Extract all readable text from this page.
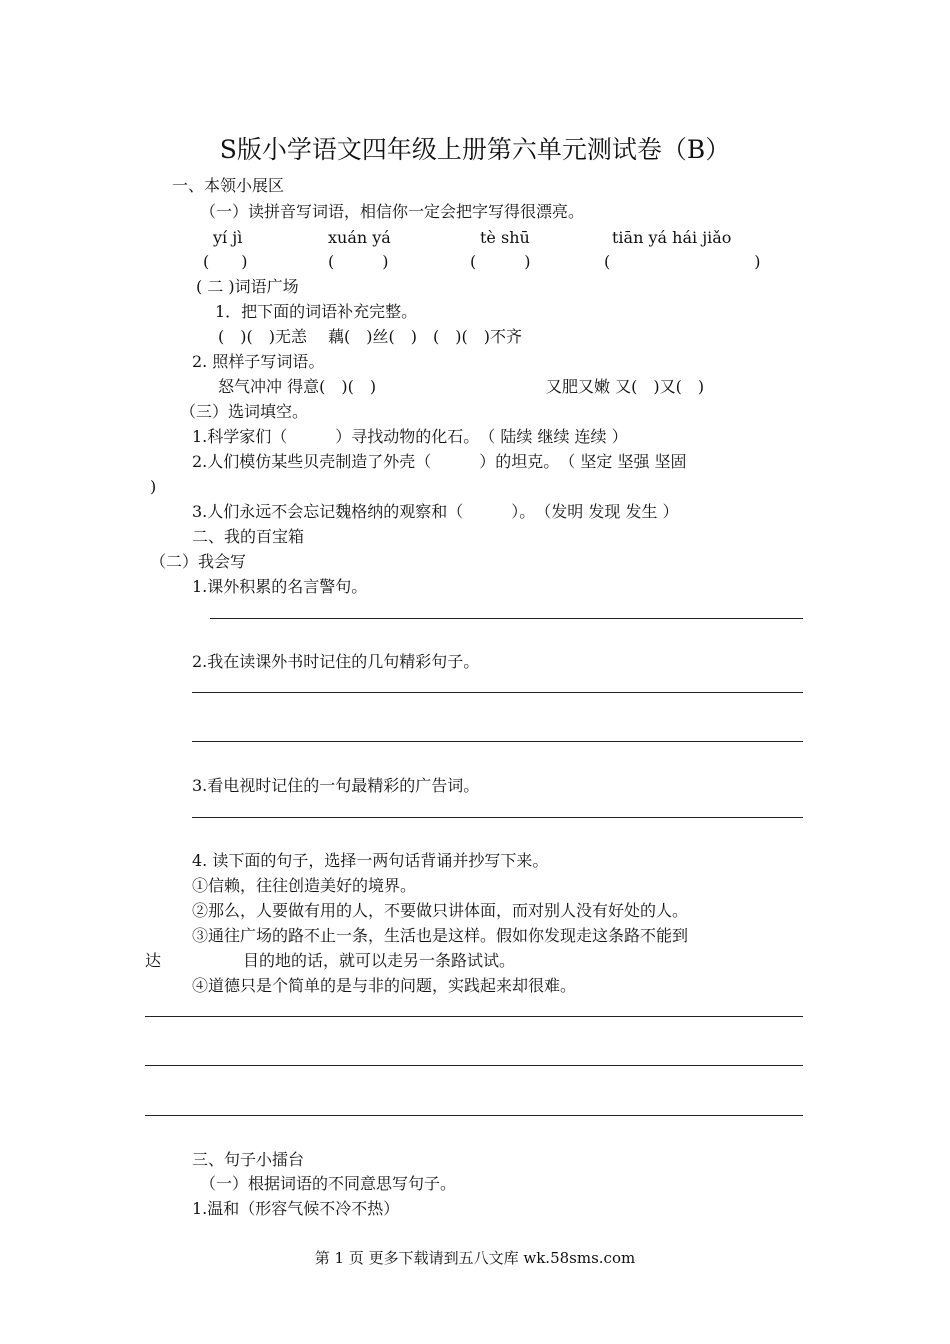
S版小学语文四年级上册第六单元测试卷（B）
一、本领小展区
（一）读拼音写词语，相信你一定会把字写得很漂亮。
yí jì	xuán yá	tè shū	tiān yá hái jiǎo
(　　)	(　　　)	(　　　)	(　　　　　　　　　)
( 二 )词语广场
1．把下面的词语补充完整。
(　)(　)无恙　 藕(　)丝(　)　(　)(　)不齐
2. 照样子写词语。
怒气冲冲 得意(　)(　)	又肥又嫩 又(　)又(　)
（三）选词填空。
1.科学家们（　　　）寻找动物的化石。　（ 陆续 继续 连续 ）
2.人们模仿某些贝壳制造了外壳（　　　）的坦克。　（ 坚定 坚强 坚固
)
3.人们永远不会忘记魏格纳的观察和（　　　）。　（发明 发现 发生 ）
二、我的百宝箱
（二）我会写
1.课外积累的名言警句。
2.我在读课外书时记住的几句精彩句子。
3.看电视时记住的一句最精彩的广告词。
4. 读下面的句子，选择一两句话背诵并抄写下来。
①信赖，往往创造美好的境界。
②那么，人要做有用的人，不要做只讲体面，而对别人没有好处的人。
③通往广场的路不止一条，生活也是这样。假如你发现走这条路不能到
达	目的地的话，就可以走另一条路试试。
④道德只是个简单的是与非的问题，实践起来却很难。
三、句子小擂台
（一）根据词语的不同意思写句子。
1.温和（形容气候不冷不热）
第 1 页 更多下载请到五八文库 wk.58sms.com
